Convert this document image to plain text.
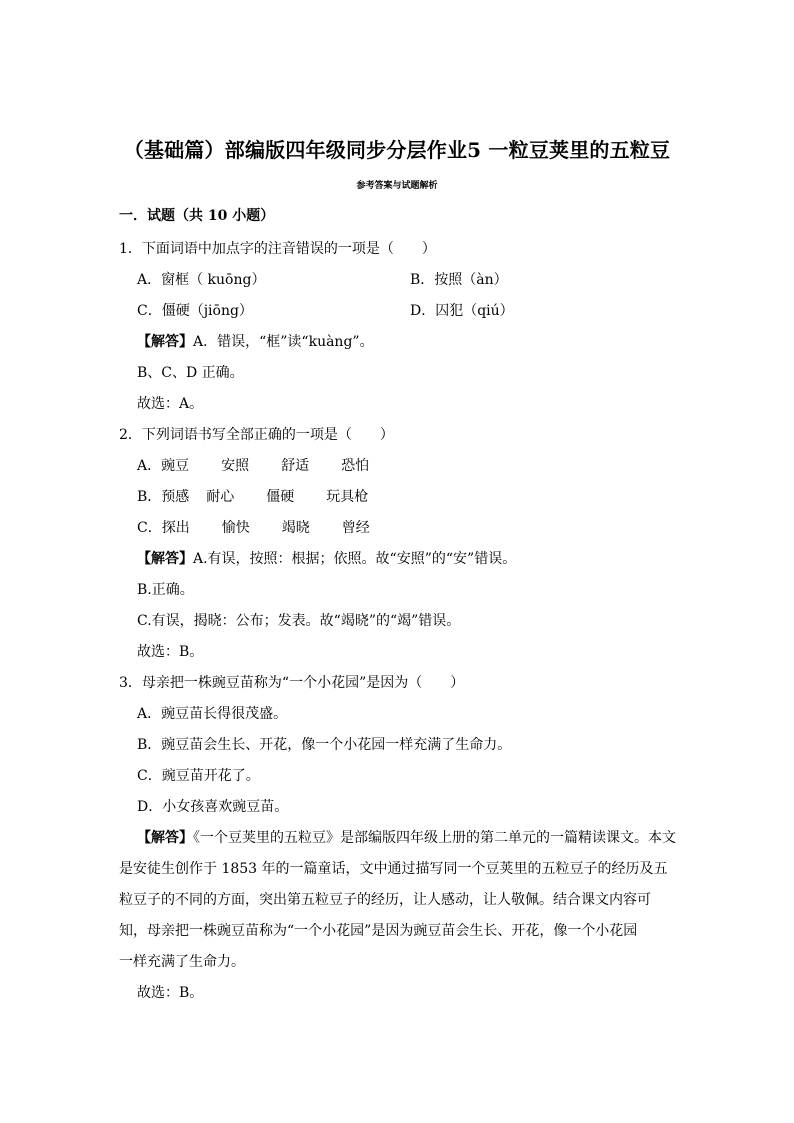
（基础篇）部编版四年级同步分层作业5 一粒豆荚里的五粒豆
参考答案与试题解析
一．试题（共 10 小题）
1．下面词语中加点字的注音错误的一项是（　　）
A．窗框（ kuōng）	B．按照（àn）
C．僵硬（jiōng）	D．囚犯（qiú）
【解答】A．错误，“框”读“kuàng”。
B、C、D 正确。
故选：A。
2．下列词语书写全部正确的一项是（　　）
A．豌豆 安照 舒适 恐怕
B．预感 耐心 僵硬 玩具枪
C．探出 愉快 竭晓 曾经
【解答】A.有误，按照：根据；依照。故“安照”的“安”错误。
B.正确。
C.有误，揭晓：公布；发表。故“竭晓”的“竭”错误。
故选：B。
3．母亲把一株豌豆苗称为“一个小花园”是因为（　　）
A．豌豆苗长得很茂盛。
B．豌豆苗会生长、开花，像一个小花园一样充满了生命力。
C．豌豆苗开花了。
D．小女孩喜欢豌豆苗。
【解答】《一个豆荚里的五粒豆》是部编版四年级上册的第二单元的一篇精读课文。本文
是安徒生创作于 1853 年的一篇童话，文中通过描写同一个豆荚里的五粒豆子的经历及五
粒豆子的不同的方面，突出第五粒豆子的经历，让人感动，让人敬佩。结合课文内容可
知，母亲把一株豌豆苗称为“一个小花园”是因为豌豆苗会生长、开花，像一个小花园
一样充满了生命力。
故选：B。
